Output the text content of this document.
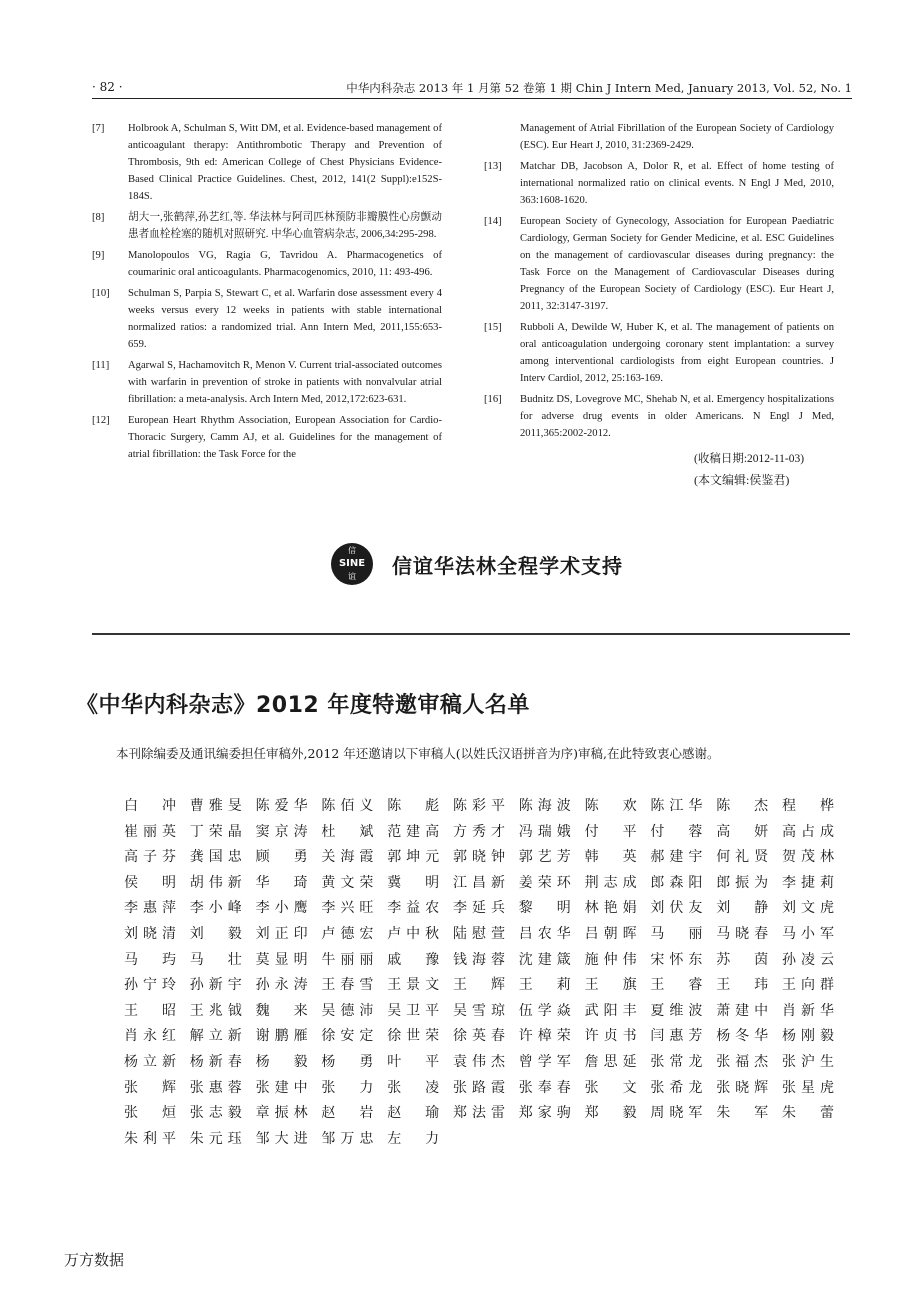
· 82 ·	中华内科杂志 2013 年 1 月第 52 卷第 1 期 Chin J Intern Med, January 2013, Vol. 52, No. 1
[7] Holbrook A, Schulman S, Witt DM, et al. Evidence-based management of anticoagulant therapy: Antithrombotic Therapy and Prevention of Thrombosis, 9th ed: American College of Chest Physicians Evidence-Based Clinical Practice Guidelines. Chest, 2012, 141(2 Suppl):e152S-184S.
[8] 胡大一,张鹤萍,孙艺红,等. 华法林与阿司匹林预防非瓣膜性心房颤动患者血栓栓塞的随机对照研究. 中华心血管病杂志, 2006,34:295-298.
[9] Manolopoulos VG, Ragia G, Tavridou A. Pharmacogenetics of coumarinic oral anticoagulants. Pharmacogenomics, 2010, 11: 493-496.
[10] Schulman S, Parpia S, Stewart C, et al. Warfarin dose assessment every 4 weeks versus every 12 weeks in patients with stable international normalized ratios: a randomized trial. Ann Intern Med, 2011,155:653-659.
[11] Agarwal S, Hachamovitch R, Menon V. Current trial-associated outcomes with warfarin in prevention of stroke in patients with nonvalvular atrial fibrillation: a meta-analysis. Arch Intern Med, 2012,172:623-631.
[12] European Heart Rhythm Association, European Association for Cardio-Thoracic Surgery, Camm AJ, et al. Guidelines for the management of atrial fibrillation: the Task Force for the
Management of Atrial Fibrillation of the European Society of Cardiology (ESC). Eur Heart J, 2010, 31:2369-2429.
[13] Matchar DB, Jacobson A, Dolor R, et al. Effect of home testing of international normalized ratio on clinical events. N Engl J Med, 2010, 363:1608-1620.
[14] European Society of Gynecology, Association for European Paediatric Cardiology, German Society for Gender Medicine, et al. ESC Guidelines on the management of cardiovascular diseases during pregnancy: the Task Force on the Management of Cardiovascular Diseases during Pregnancy of the European Society of Cardiology (ESC). Eur Heart J, 2011, 32:3147-3197.
[15] Rubboli A, Dewilde W, Huber K, et al. The management of patients on oral anticoagulation undergoing coronary stent implantation: a survey among interventional cardiologists from eight European countries. J Interv Cardiol, 2012, 25:163-169.
[16] Budnitz DS, Lovegrove MC, Shehab N, et al. Emergency hospitalizations for adverse drug events in older Americans. N Engl J Med, 2011,365:2002-2012.
(收稿日期:2012-11-03)
(本文编辑:侯鉴君)
信
SINE
谊	信谊华法林全程学术支持
《中华内科杂志》2012 年度特邀审稿人名单
本刊除编委及通讯编委担任审稿外,2012 年还邀请以下审稿人(以姓氏汉语拼音为序)审稿,在此特致衷心感谢。
白冲 曹雅旻 陈爱华 陈佰义 陈彪 陈彩平 陈海波 陈欢 陈江华 陈杰 程桦
崔丽英 丁荣晶 窦京涛 杜斌 范建高 方秀才 冯瑞娥 付平 付蓉 高妍 高占成
高子芬 龚国忠 顾勇 关海霞 郭坤元 郭晓钟 郭艺芳 韩英 郝建宇 何礼贤 贺茂林
侯明 胡伟新 华琦 黄文荣 冀明 江昌新 姜荣环 荆志成 郎森阳 郎振为 李捷莉
李惠萍 李小峰 李小鹰 李兴旺 李益农 李延兵 黎明 林艳娟 刘伏友 刘静 刘文虎
刘晓清 刘毅 刘正印 卢德宏 卢中秋 陆慰萱 吕农华 吕朝晖 马丽 马晓春 马小军
马玙 马壮 莫显明 牛丽丽 戚豫 钱海蓉 沈建箴 施仲伟 宋怀东 苏茵 孙凌云
孙宁玲 孙新宇 孙永涛 王春雪 王景文 王辉 王莉 王旗 王睿 王玮 王向群
王昭 王兆钺 魏来 吴德沛 吴卫平 吴雪琼 伍学焱 武阳丰 夏维波 萧建中 肖新华
肖永红 解立新 谢鹏雁 徐安定 徐世荣 徐英春 许樟荣 许贞书 闫惠芳 杨冬华 杨刚毅
杨立新 杨新春 杨毅 杨勇 叶平 袁伟杰 曾学军 詹思延 张常龙 张福杰 张沪生
张辉 张惠蓉 张建中 张力 张凌 张路霞 张奉春 张文 张希龙 张晓辉 张星虎
张烜 张志毅 章振林 赵岩 赵瑜 郑法雷 郑家驹 郑毅 周晓军 朱军 朱蕾
朱利平 朱元珏 邹大进 邹万忠 左力
万方数据
